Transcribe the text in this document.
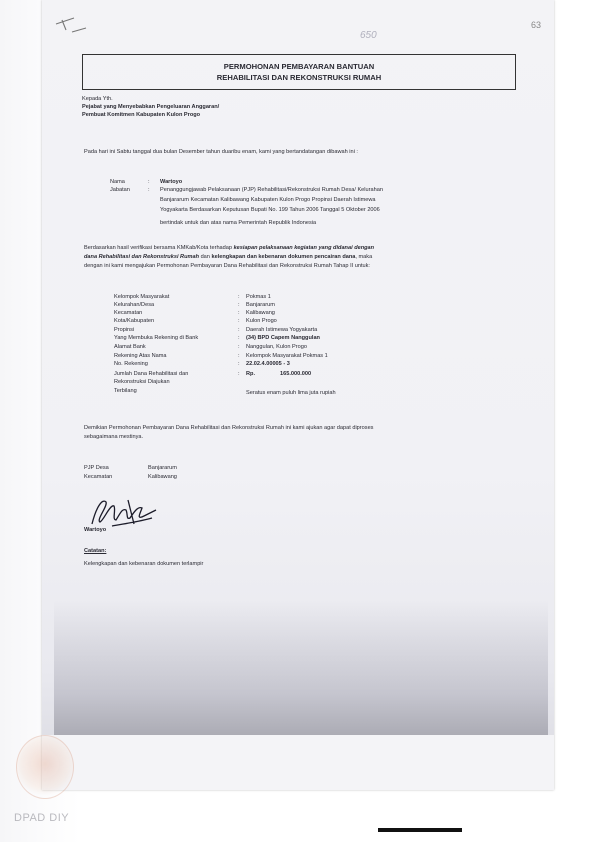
650
63
PERMOHONAN PEMBAYARAN BANTUAN
REHABILITASI DAN REKONSTRUKSI RUMAH
Kepada Yth.
Pejabat yang Menyebabkan Pengeluaran Anggaran/
Pembuat Komitmen Kabupaten Kulon Progo
Pada hari ini Sabtu tanggal dua bulan Desember tahun duaribu enam, kami yang bertandatangan dibawah ini :
Nama	: Wartoyo
Jabatan	: Penanggungjawab Pelaksanaan (PJP) Rehabilitasi/Rekonstruksi Rumah Desa/ Kelurahan
Banjararum Kecamatan Kalibawang Kabupaten Kulon Progo Propinsi Daerah Istimewa
Yogyakarta Berdasarkan Keputusan Bupati No. 199 Tahun 2006 Tanggal 5 Oktober 2006
bertindak untuk dan atas nama Pemerintah Republik Indonesia
Berdasarkan hasil verifikasi bersama KMKab/Kota terhadap kesiapan pelaksanaan kegiatan yang didanai dengan
dana Rehabilitasi dan Rekonstruksi Rumah dan kelengkapan dan kebenaran dokumen pencairan dana, maka
dengan ini kami mengajukan Permohonan Pembayaran Dana Rehabilitasi dan Rekonstruksi Rumah Tahap II untuk:
Kelompok Masyarakat	: Pokmas 1
Kelurahan/Desa	: Banjararum
Kecamatan	: Kalibawang
Kota/Kabupaten	: Kulon Progo
Propinsi	: Daerah Istimewa Yogyakarta
Yang Membuka Rekening di Bank	: (34) BPD Capem Nanggulan
Alamat Bank	: Nanggulan, Kulon Progo
Rekening Atas Nama	: Kelompok Masyarakat Pokmas 1
No. Rekening	: 22.02.4.00005 - 3
Jumlah Dana Rehabilitasi dan
Rekonstruksi Diajukan
: Rp.	165.000.000
Terbilang	Seratus enam puluh lima juta rupiah
Demikian Permohonan Pembayaran Dana Rehabilitasi dan Rekonstruksi Rumah ini kami ajukan agar dapat diproses
sebagaimana mestinya.
PJP Desa	Banjararum
Kecamatan	Kalibawang
Wartoyo
Catatan:
Kelengkapan dan kebenaran dokumen terlampir
DPAD DIY
